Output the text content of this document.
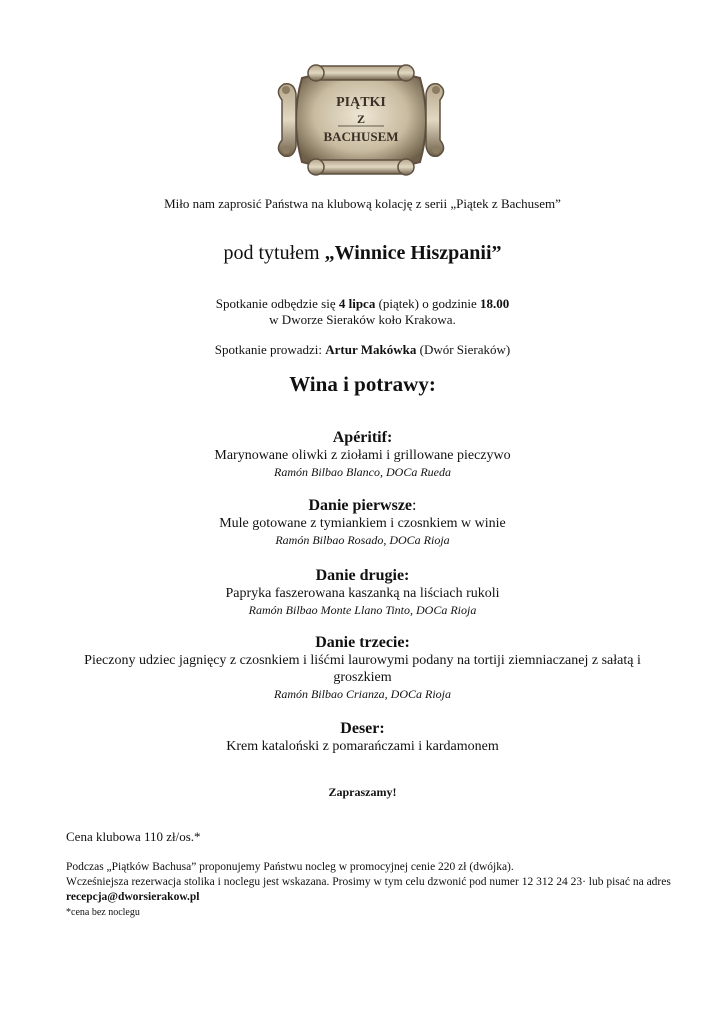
PIĄTKI
Z
BACHUSEM
Miło nam zaprosić Państwa na klubową kolację z serii „Piątek z Bachusem”
pod tytułem „Winnice Hiszpanii”
Spotkanie odbędzie się 4 lipca (piątek) o godzinie 18.00
w Dworze Sieraków koło Krakowa.
Spotkanie prowadzi: Artur Makówka (Dwór Sieraków)
Wina i potrawy:
Apéritif:
Marynowane oliwki z ziołami i grillowane pieczywo
Ramón Bilbao Blanco, DOCa Rueda
Danie pierwsze:
Mule gotowane z tymiankiem i czosnkiem w winie
Ramón Bilbao Rosado, DOCa Rioja
Danie drugie:
Papryka faszerowana kaszanką na liściach rukoli
Ramón Bilbao Monte Llano Tinto, DOCa Rioja
Danie trzecie:
Pieczony udziec jagnięcy z czosnkiem i liśćmi laurowymi podany na tortiji ziemniaczanej z sałatą i groszkiem
Ramón Bilbao Crianza, DOCa Rioja
Deser:
Krem kataloński z pomarańczami i kardamonem
Zapraszamy!
Cena klubowa 110 zł/os.*
Podczas „Piątków Bachusa” proponujemy Państwu nocleg w promocyjnej cenie 220 zł (dwójka).
Wcześniejsza rezerwacja stolika i noclegu jest wskazana. Prosimy w tym celu dzwonić pod numer 12 312 24 23· lub pisać na adres recepcja@dworsierakow.pl
*cena bez noclegu
